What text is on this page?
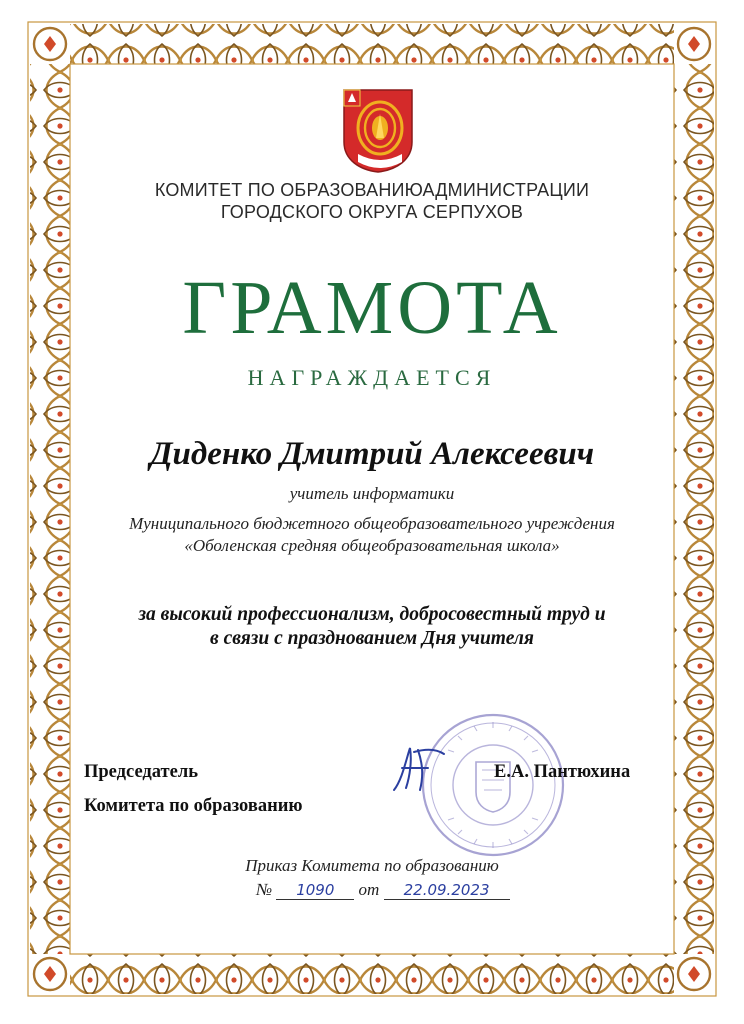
КОМИТЕТ ПО ОБРАЗОВАНИЮАДМИНИСТРАЦИИ
ГОРОДСКОГО ОКРУГА СЕРПУХОВ
ГРАМОТА
НАГРАЖДАЕТСЯ
Диденко Дмитрий Алексеевич
учитель информатики
Муниципального бюджетного общеобразовательного учреждения
«Оболенская средняя общеобразовательная школа»
за высокий профессионализм, добросовестный труд и
в связи с празднованием Дня учителя
Председатель
Комитета по образованию
Е.А. Пантюхина
Приказ Комитета по образованию
№ 1090 от 22.09.2023
